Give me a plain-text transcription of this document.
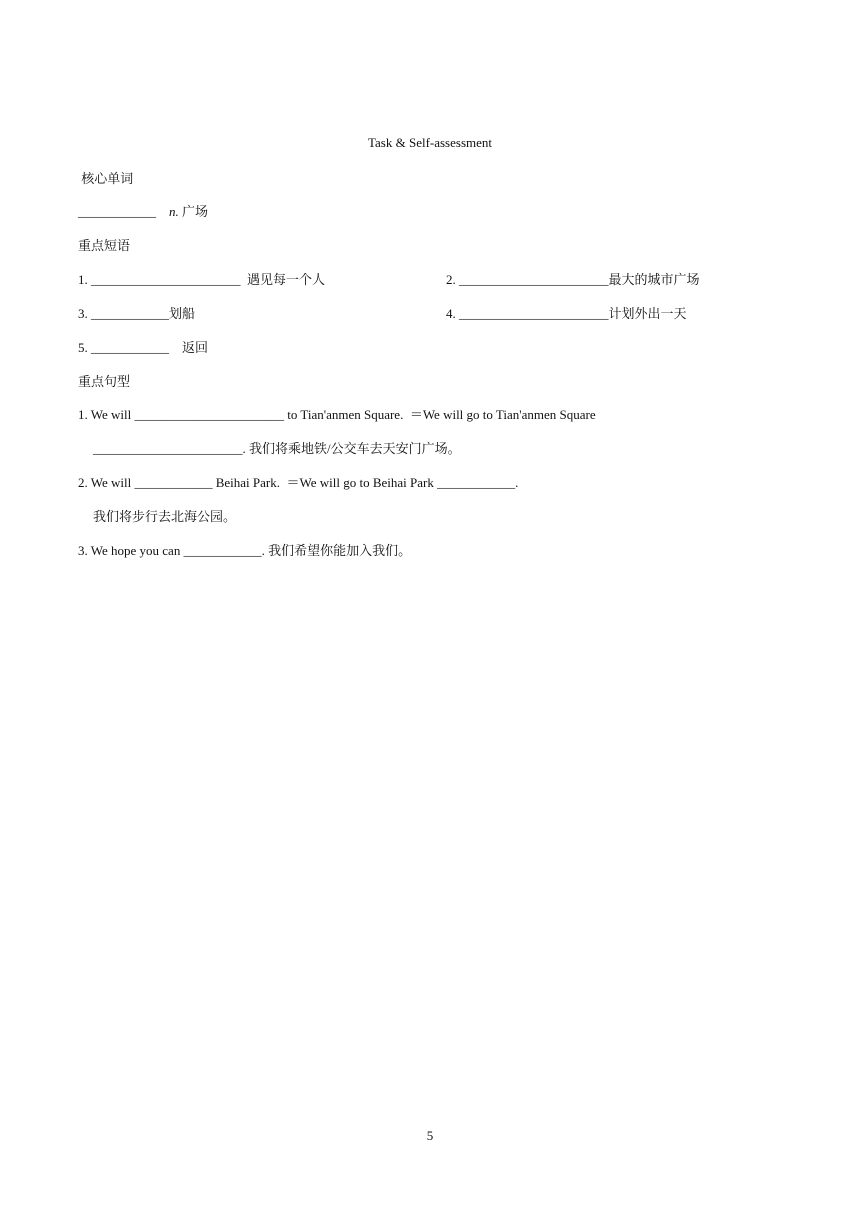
Task & Self-assessment
核心单词
____________ n. 广场
重点短语
1. _______________________  遇见每一个人	2. _______________________最大的城市广场
3. ____________划船	4. _______________________计划外出一天
5. ____________    返回
重点句型
1. We will _______________________ to Tian'anmen Square.  ＝We will go to Tian'anmen Square
_______________________. 我们将乘地铁/公交车去天安门广场。
2. We will ____________ Beihai Park.  ＝We will go to Beihai Park ____________.
我们将步行去北海公园。
3. We hope you can ____________. 我们希望你能加入我们。
5
